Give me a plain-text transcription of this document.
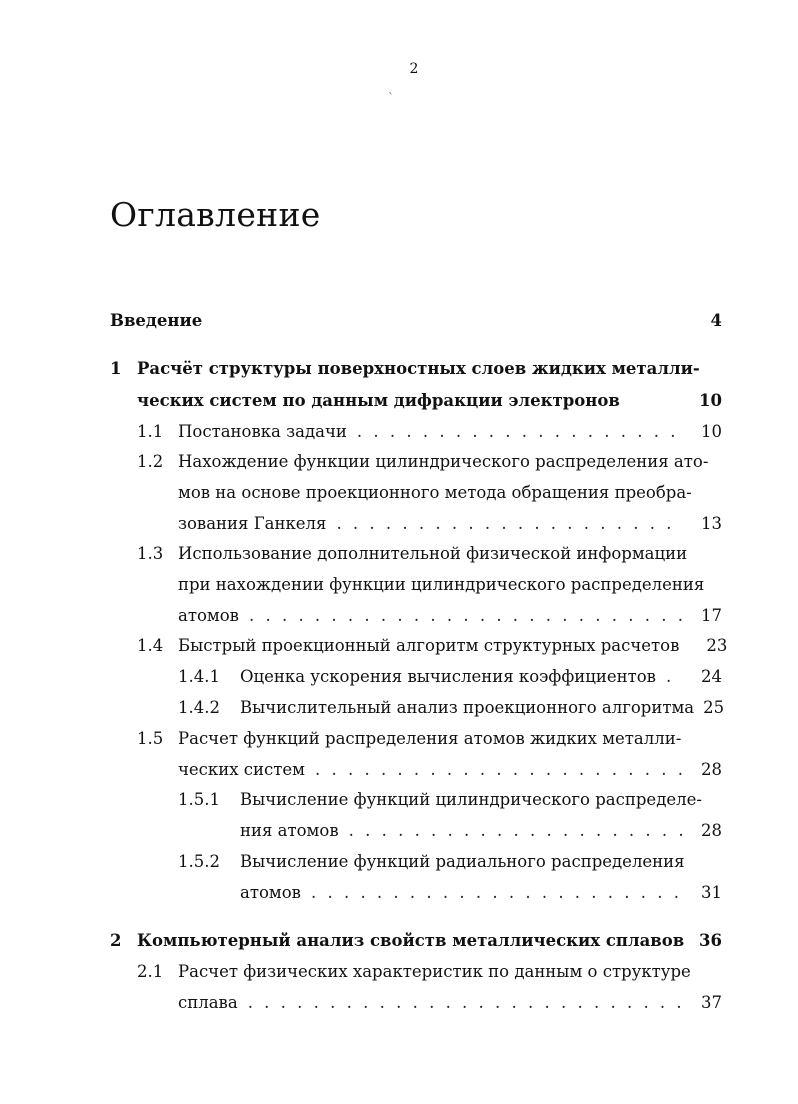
2
`
Оглавление
Введение	4
1 Расчёт структуры поверхностных слоев жидких металли-
ческих систем по данным дифракции электронов	10
1.1 Постановка задачи . . .	10
1.2 Нахождение функции цилиндрического распределения ато-
мов на основе проекционного метода обращения преобра-
зования Ганкеля . . .	13
1.3 Использование дополнительной физической информации
при нахождении функции цилиндрического распределения
атомов . . .	17
1.4 Быстрый проекционный алгоритм структурных расчетов	23
1.4.1 Оценка ускорения вычисления коэффициентов . . .	24
1.4.2 Вычислительный анализ проекционного алгоритма 25
1.5 Расчет функций распределения атомов жидких металли-
ческих систем . . .	28
1.5.1 Вычисление функций цилиндрического распределе-
ния атомов . . .	28
1.5.2 Вычисление функций радиального распределения
атомов . . .	31
2 Компьютерный анализ свойств металлических сплавов 36
2.1 Расчет физических характеристик по данным о структуре
сплава . . .	37
